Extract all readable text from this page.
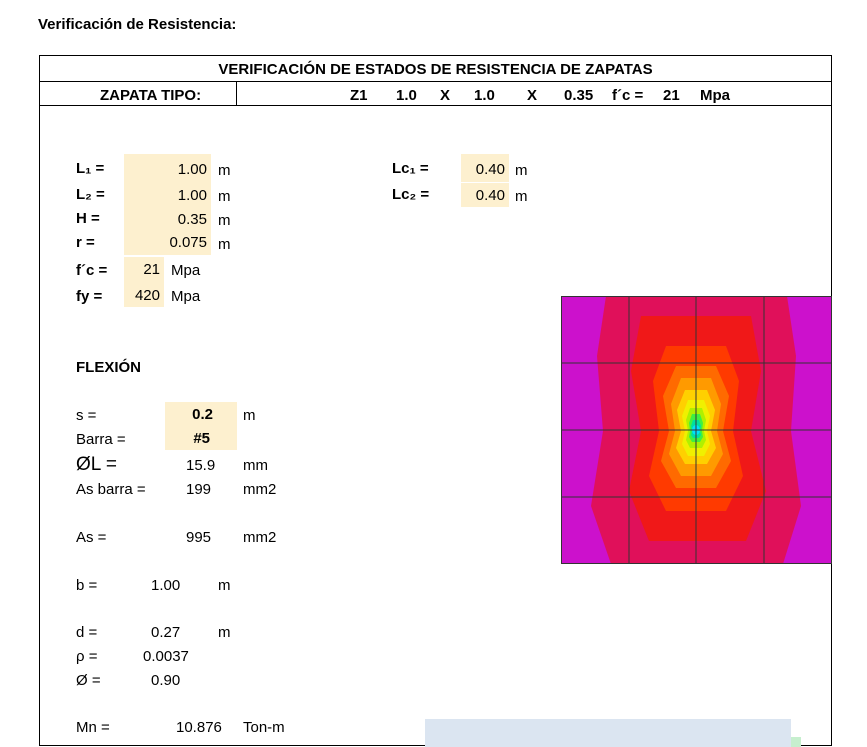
Verificación de Resistencia:
VERIFICACIÓN DE ESTADOS DE RESISTENCIA DE ZAPATAS
ZAPATA TIPO:	Z1 1.0 X 1.0 X 0.35 f´c = 21 Mpa
L₁ =	1.00 m
L₂ =	1.00 m
H =	0.35 m
r =	0.075 m
f´c =	21 Mpa
fy =	420 Mpa
Lc₁ =	0.40 m
Lc₂ =	0.40 m
FLEXIÓN
s =	0.2	m
Barra =	#5
ØL =	15.9 mm
As barra =	199 mm2
As =	995 mm2
b =	1.00	m
d =	0.27	m
ρ =	0.0037
Ø =	0.90
Mn =	10.876 Ton-m
